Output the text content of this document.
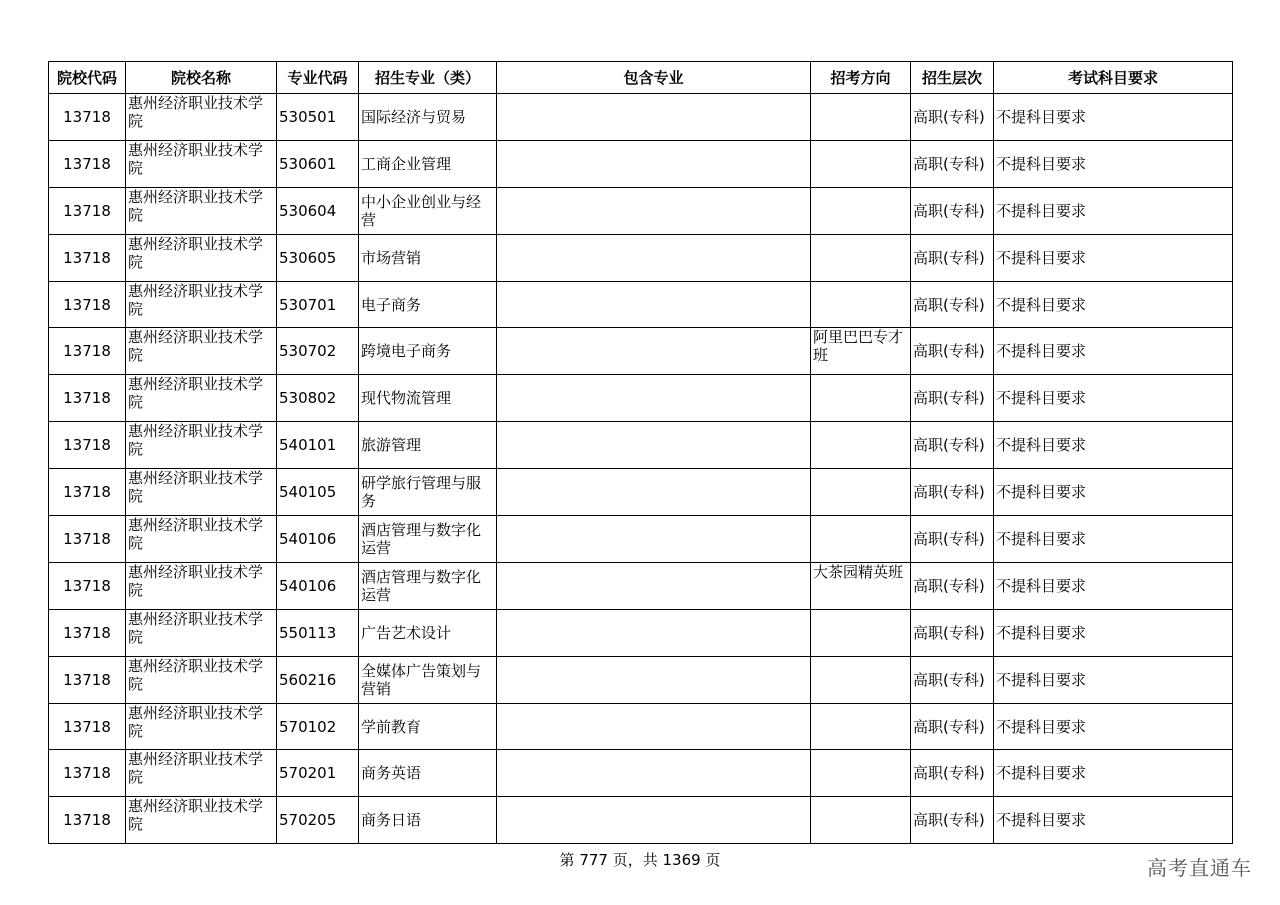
院校代码	院校名称	专业代码	招生专业（类）	包含专业	招考方向	招生层次	考试科目要求
13718	惠州经济职业技术学院	530501	国际经济与贸易			高职(专科)	不提科目要求
13718	惠州经济职业技术学院	530601	工商企业管理			高职(专科)	不提科目要求
13718	惠州经济职业技术学院	530604	中小企业创业与经营			高职(专科)	不提科目要求
13718	惠州经济职业技术学院	530605	市场营销			高职(专科)	不提科目要求
13718	惠州经济职业技术学院	530701	电子商务			高职(专科)	不提科目要求
13718	惠州经济职业技术学院	530702	跨境电子商务		阿里巴巴专才班	高职(专科)	不提科目要求
13718	惠州经济职业技术学院	530802	现代物流管理			高职(专科)	不提科目要求
13718	惠州经济职业技术学院	540101	旅游管理			高职(专科)	不提科目要求
13718	惠州经济职业技术学院	540105	研学旅行管理与服务			高职(专科)	不提科目要求
13718	惠州经济职业技术学院	540106	酒店管理与数字化运营			高职(专科)	不提科目要求
13718	惠州经济职业技术学院	540106	酒店管理与数字化运营		大茶园精英班	高职(专科)	不提科目要求
13718	惠州经济职业技术学院	550113	广告艺术设计			高职(专科)	不提科目要求
13718	惠州经济职业技术学院	560216	全媒体广告策划与营销			高职(专科)	不提科目要求
13718	惠州经济职业技术学院	570102	学前教育			高职(专科)	不提科目要求
13718	惠州经济职业技术学院	570201	商务英语			高职(专科)	不提科目要求
13718	惠州经济职业技术学院	570205	商务日语			高职(专科)	不提科目要求
第 777 页，共 1369 页	高考直通车
